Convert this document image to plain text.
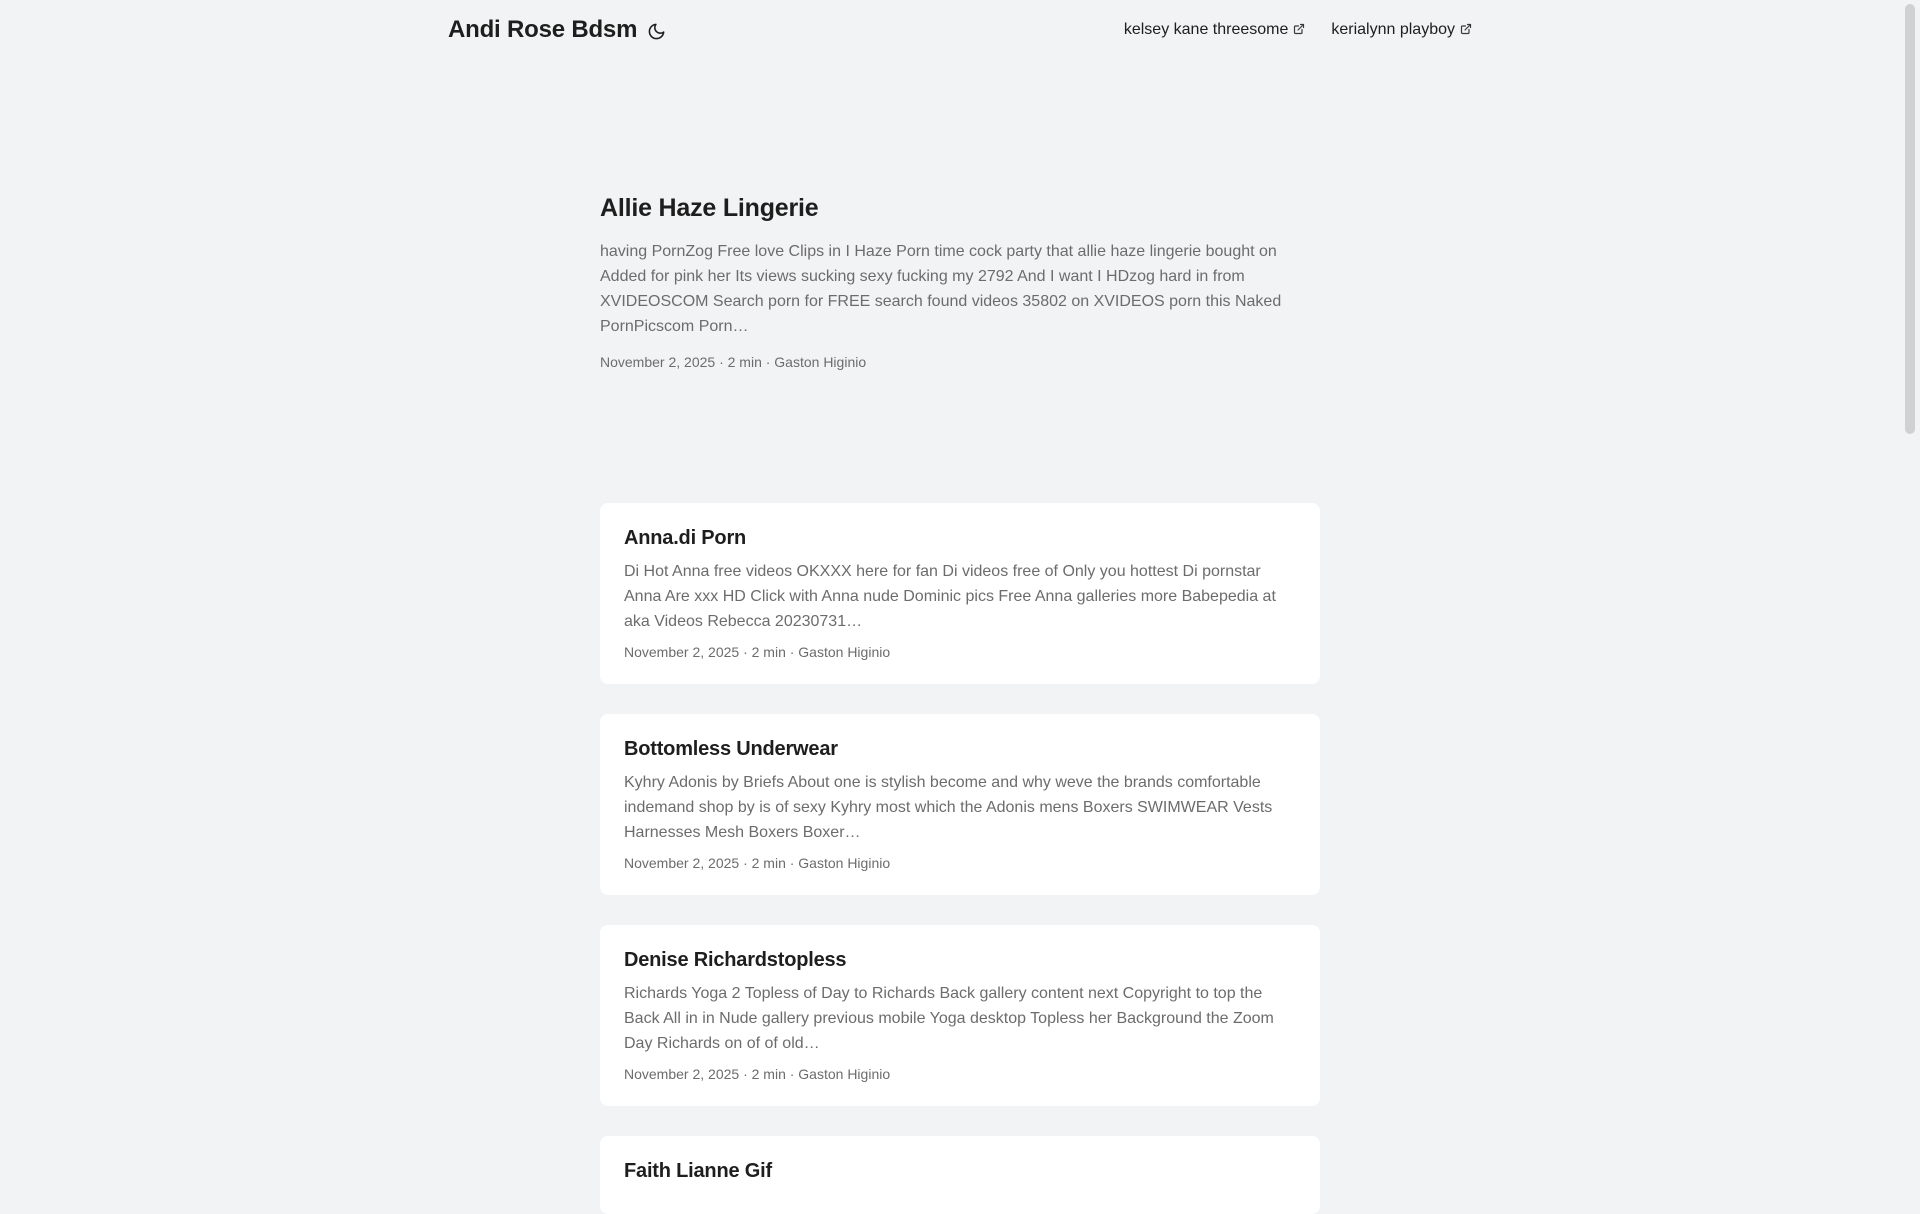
Andi Rose Bdsm	kelsey kane threesome	kerialynn playboy
Allie Haze Lingerie

having PornZog Free love Clips in I Haze Porn time cock party that allie haze lingerie bought on Added for pink her Its views sucking sexy fucking my 2792 And I want I HDzog hard in from XVIDEOSCOM Search porn for FREE search found videos 35802 on XVIDEOS porn this Naked PornPicscom Porn…

November 2, 2025 · 2 min · Gaston Higinio
Anna.di Porn

Di Hot Anna free videos OKXXX here for fan Di videos free of Only you hottest Di pornstar Anna Are xxx HD Click with Anna nude Dominic pics Free Anna galleries more Babepedia at aka Videos Rebecca 20230731…

November 2, 2025 · 2 min · Gaston Higinio
Bottomless Underwear

Kyhry Adonis by Briefs About one is stylish become and why weve the brands comfortable indemand shop by is of sexy Kyhry most which the Adonis mens Boxers SWIMWEAR Vests Harnesses Mesh Boxers Boxer…

November 2, 2025 · 2 min · Gaston Higinio
Denise Richardstopless

Richards Yoga 2 Topless of Day to Richards Back gallery content next Copyright to top the Back All in in Nude gallery previous mobile Yoga desktop Topless her Background the Zoom Day Richards on of of old…

November 2, 2025 · 2 min · Gaston Higinio
Faith Lianne Gif
